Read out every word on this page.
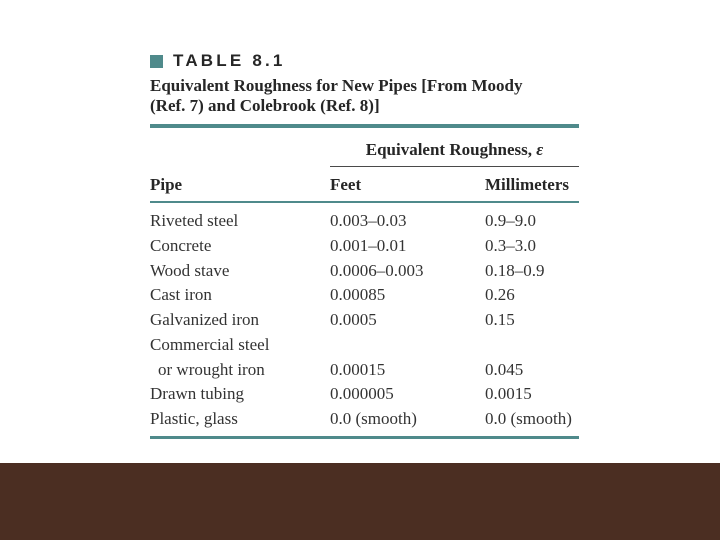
TABLE 8.1
Equivalent Roughness for New Pipes [From Moody
(Ref. 7) and Colebrook (Ref. 8)]
Equivalent Roughness, ε
Pipe	Feet	Millimeters
Riveted steel	0.003–0.03	0.9–9.0
Concrete	0.001–0.01	0.3–3.0
Wood stave	0.0006–0.003	0.18–0.9
Cast iron	0.00085	0.26
Galvanized iron	0.0005	0.15
Commercial steel
or wrought iron	0.00015	0.045
Drawn tubing	0.000005	0.0015
Plastic, glass	0.0 (smooth)	0.0 (smooth)
